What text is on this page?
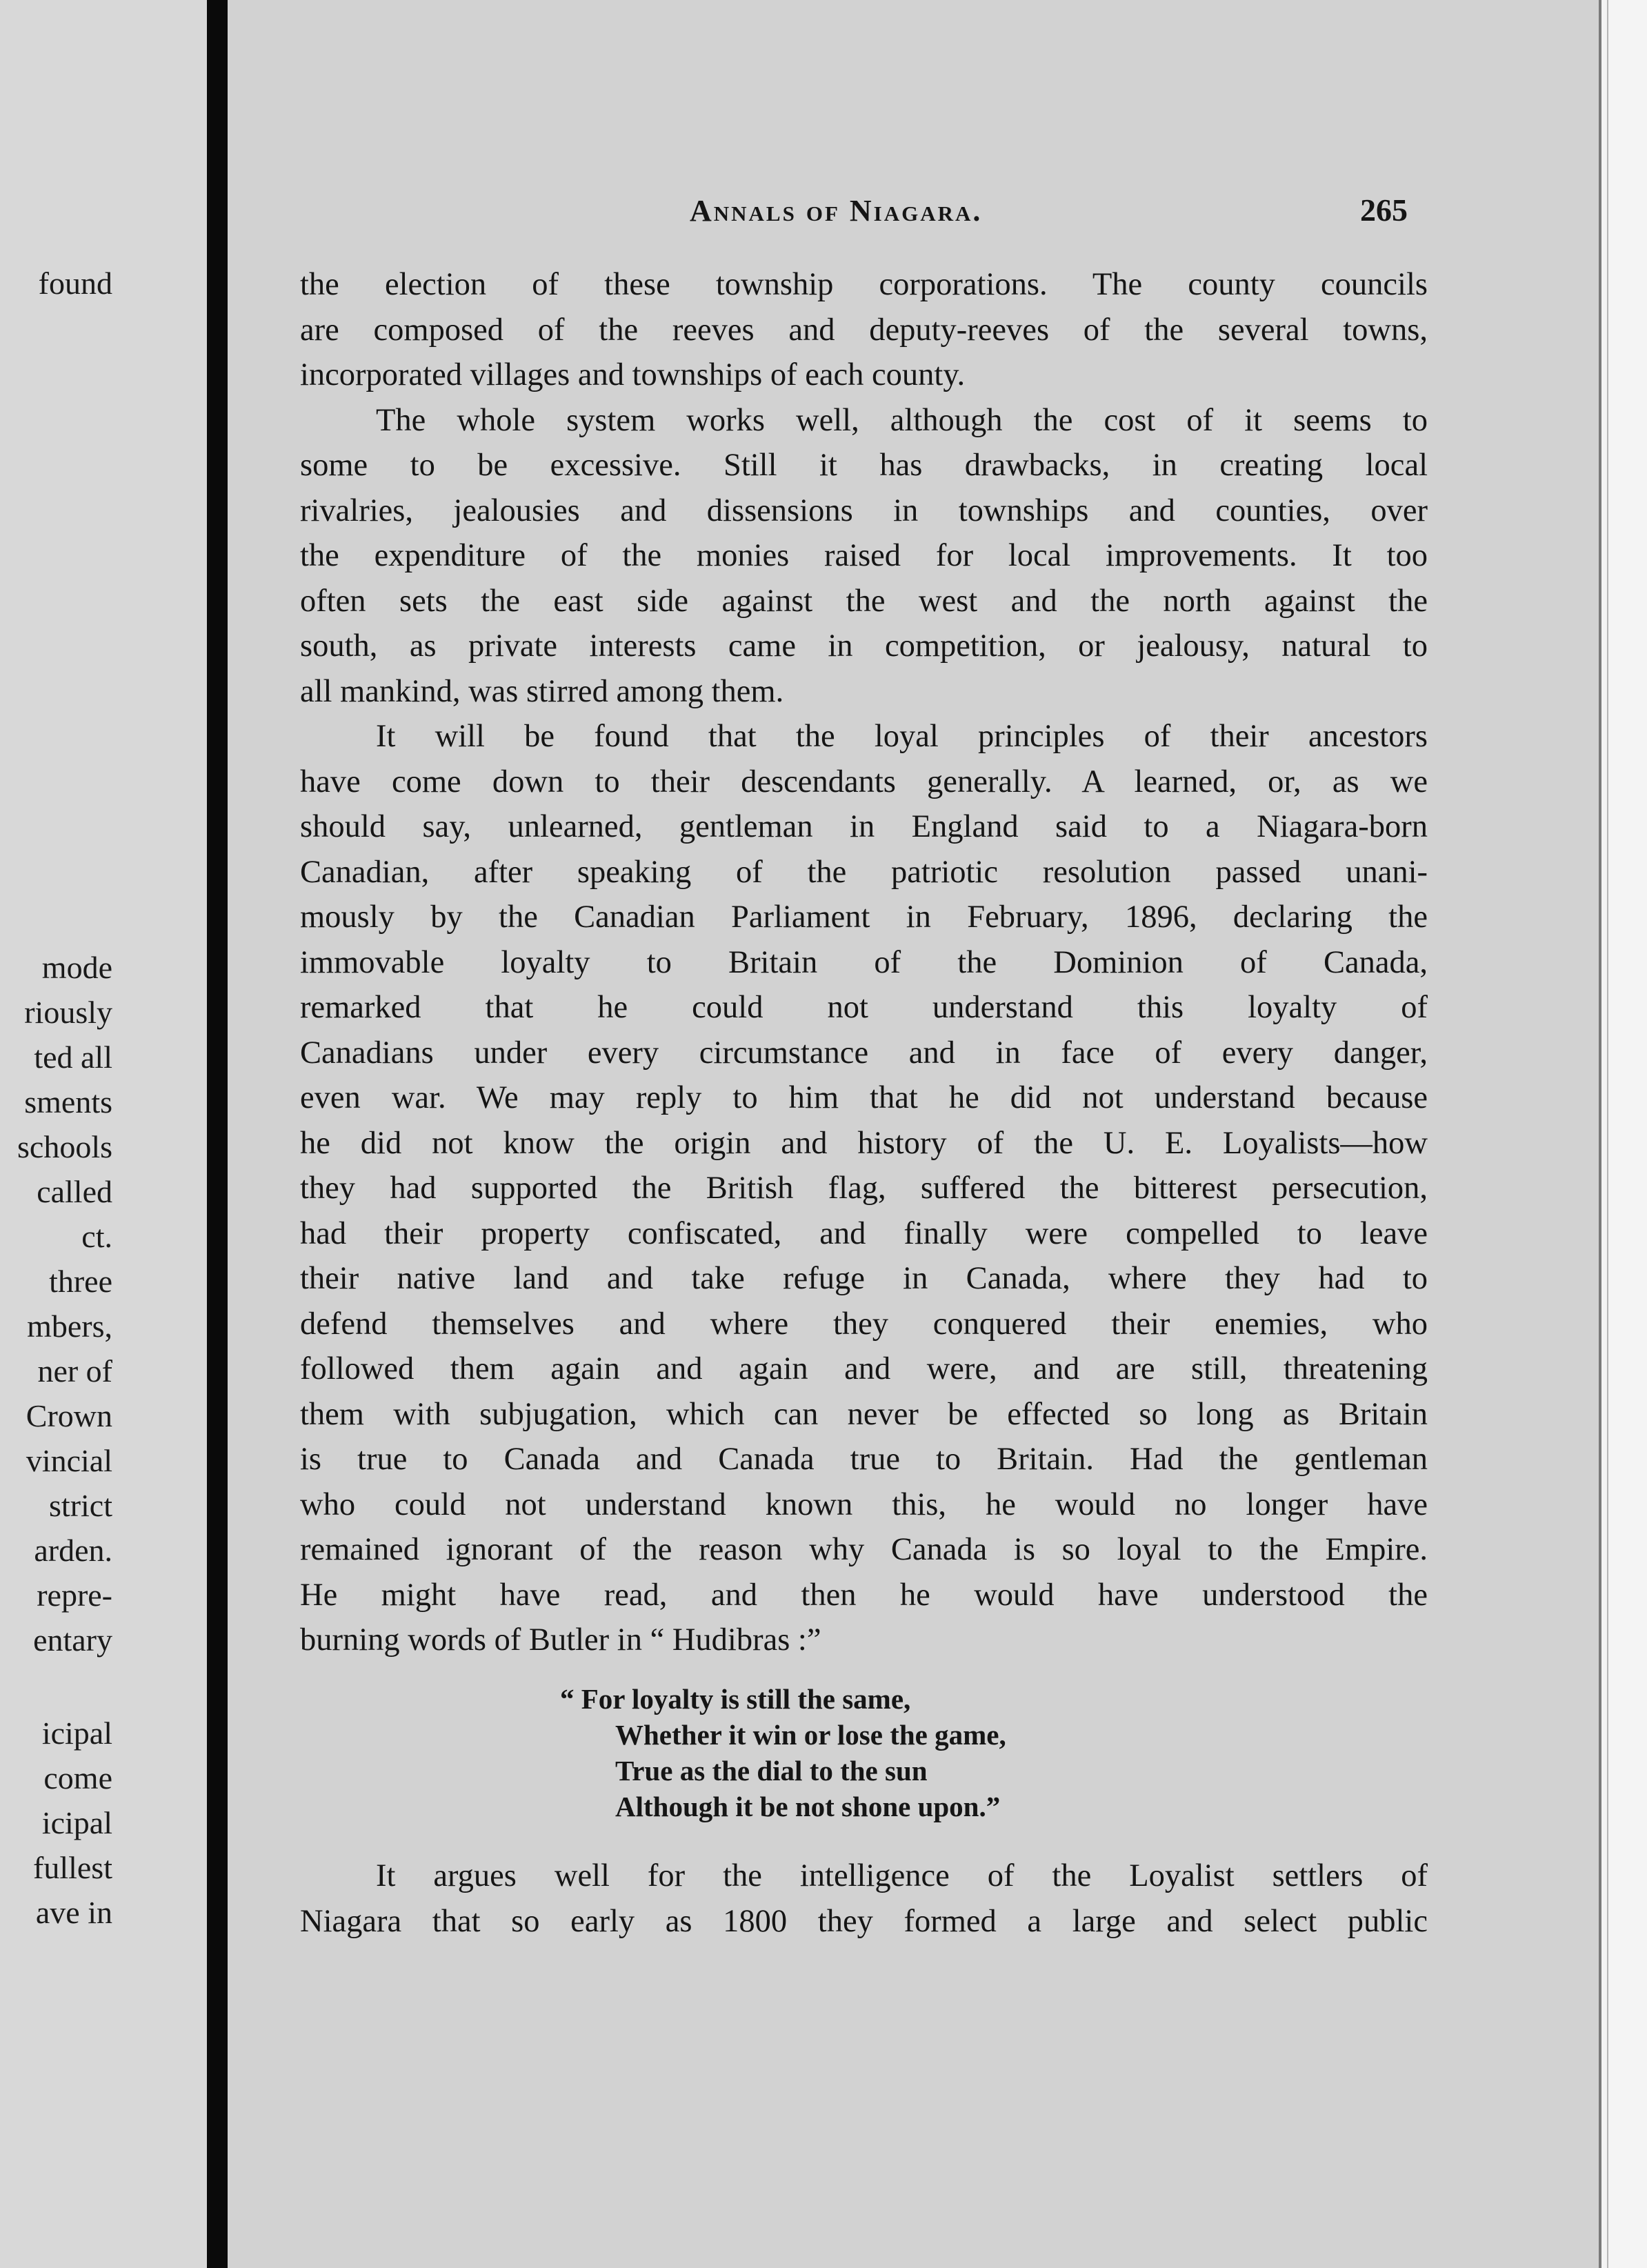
found
mode
riously
ted all
sments
schools
called
ct.
three
mbers,
ner of
Crown
vincial
strict
arden.
repre-
entary
icipal
come
icipal
fullest
ave in
Annals of Niagara.	265
the election of these township corporations. The county councils
are composed of the reeves and deputy-reeves of the several towns,
incorporated villages and townships of each county.
The whole system works well, although the cost of it seems to
some to be excessive. Still it has drawbacks, in creating local
rivalries, jealousies and dissensions in townships and counties, over
the expenditure of the monies raised for local improvements. It too
often sets the east side against the west and the north against the
south, as private interests came in competition, or jealousy, natural to
all mankind, was stirred among them.
It will be found that the loyal principles of their ancestors
have come down to their descendants generally. A learned, or, as we
should say, unlearned, gentleman in England said to a Niagara-born
Canadian, after speaking of the patriotic resolution passed unani-
mously by the Canadian Parliament in February, 1896, declaring the
immovable loyalty to Britain of the Dominion of Canada,
remarked that he could not understand this loyalty of
Canadians under every circumstance and in face of every danger,
even war. We may reply to him that he did not understand because
he did not know the origin and history of the U. E. Loyalists—how
they had supported the British flag, suffered the bitterest persecution,
had their property confiscated, and finally were compelled to leave
their native land and take refuge in Canada, where they had to
defend themselves and where they conquered their enemies, who
followed them again and again and were, and are still, threatening
them with subjugation, which can never be effected so long as Britain
is true to Canada and Canada true to Britain. Had the gentleman
who could not understand known this, he would no longer have
remained ignorant of the reason why Canada is so loyal to the Empire.
He might have read, and then he would have understood the
burning words of Butler in “ Hudibras :”
“ For loyalty is still the same,
Whether it win or lose the game,
True as the dial to the sun
Although it be not shone upon.”
It argues well for the intelligence of the Loyalist settlers of
Niagara that so early as 1800 they formed a large and select public
